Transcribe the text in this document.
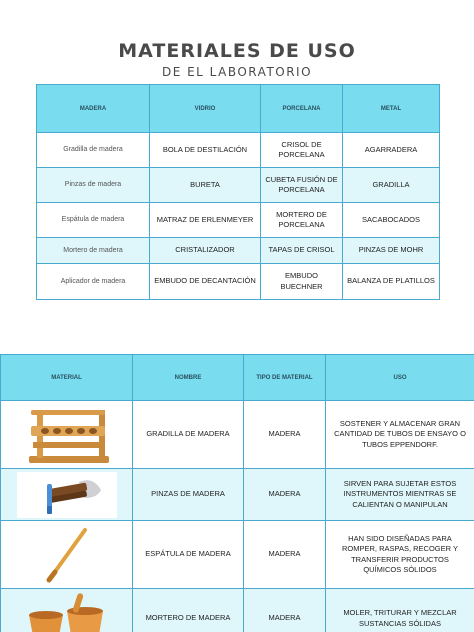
MATERIALES DE USO
DE EL LABORATORIO
MADERA	VIDRIO	PORCELANA	METAL
Gradilla de madera	BOLA DE DESTILACIÓN	CRISOL DE PORCELANA	AGARRADERA
Pinzas de madera	BURETA	CUBETA FUSIÓN DE PORCELANA	GRADILLA
Espátula de madera	MATRAZ DE ERLENMEYER	MORTERO DE PORCELANA	SACABOCADOS
Mortero de madera	CRISTALIZADOR	TAPAS DE CRISOL	PINZAS DE MOHR
Aplicador de madera	EMBUDO DE DECANTACIÓN	EMBUDO BUECHNER	BALANZA DE PLATILLOS
MATERIAL	NOMBRE	TIPO DE MATERIAL	USO

	GRADILLA DE MADERA	MADERA	SOSTENER Y ALMACENAR GRAN CANTIDAD DE TUBOS DE ENSAYO O TUBOS EPPENDORF.

	PINZAS DE MADERA	MADERA	SIRVEN PARA SUJETAR ESTOS INSTRUMENTOS MIENTRAS SE CALIENTAN O MANIPULAN

	ESPÁTULA DE MADERA	MADERA	HAN SIDO DISEÑADAS PARA ROMPER, RASPAS, RECOGER Y TRANSFERIR PRODUCTOS QUÍMICOS SÓLIDOS

	MORTERO DE MADERA	MADERA	MOLER, TRITURAR Y MEZCLAR SUSTANCIAS SÓLIDAS
